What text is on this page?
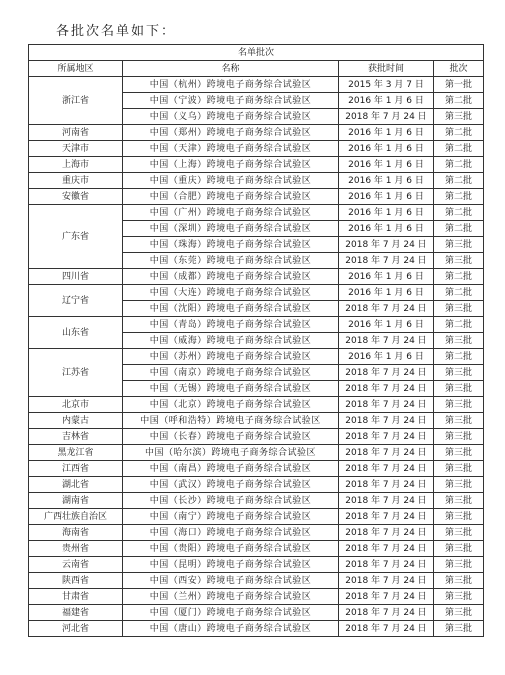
各批次名单如下：
名单批次			
所属地区	名称	获批时间	批次
浙江省	中国（杭州）跨境电子商务综合试验区	2015 年 3 月 7 日	第一批
	中国（宁波）跨境电子商务综合试验区	2016 年 1 月 6 日	第二批
	中国（义乌）跨境电子商务综合试验区	2018 年 7 月 24 日	第三批
河南省	中国（郑州）跨境电子商务综合试验区	2016 年 1 月 6 日	第二批
天津市	中国（天津）跨境电子商务综合试验区	2016 年 1 月 6 日	第二批
上海市	中国（上海）跨境电子商务综合试验区	2016 年 1 月 6 日	第二批
重庆市	中国（重庆）跨境电子商务综合试验区	2016 年 1 月 6 日	第二批
安徽省	中国（合肥）跨境电子商务综合试验区	2016 年 1 月 6 日	第二批
广东省	中国（广州）跨境电子商务综合试验区	2016 年 1 月 6 日	第二批
	中国（深圳）跨境电子商务综合试验区	2016 年 1 月 6 日	第二批
	中国（珠海）跨境电子商务综合试验区	2018 年 7 月 24 日	第三批
	中国（东莞）跨境电子商务综合试验区	2018 年 7 月 24 日	第三批
四川省	中国（成都）跨境电子商务综合试验区	2016 年 1 月 6 日	第二批
辽宁省	中国（大连）跨境电子商务综合试验区	2016 年 1 月 6 日	第二批
	中国（沈阳）跨境电子商务综合试验区	2018 年 7 月 24 日	第三批
山东省	中国（青岛）跨境电子商务综合试验区	2016 年 1 月 6 日	第二批
	中国（威海）跨境电子商务综合试验区	2018 年 7 月 24 日	第三批
江苏省	中国（苏州）跨境电子商务综合试验区	2016 年 1 月 6 日	第二批
	中国（南京）跨境电子商务综合试验区	2018 年 7 月 24 日	第三批
	中国（无锡）跨境电子商务综合试验区	2018 年 7 月 24 日	第三批
北京市	中国（北京）跨境电子商务综合试验区	2018 年 7 月 24 日	第三批
内蒙古	中国（呼和浩特）跨境电子商务综合试验区	2018 年 7 月 24 日	第三批
吉林省	中国（长春）跨境电子商务综合试验区	2018 年 7 月 24 日	第三批
黑龙江省	中国（哈尔滨）跨境电子商务综合试验区	2018 年 7 月 24 日	第三批
江西省	中国（南昌）跨境电子商务综合试验区	2018 年 7 月 24 日	第三批
湖北省	中国（武汉）跨境电子商务综合试验区	2018 年 7 月 24 日	第三批
湖南省	中国（长沙）跨境电子商务综合试验区	2018 年 7 月 24 日	第三批
广西壮族自治区	中国（南宁）跨境电子商务综合试验区	2018 年 7 月 24 日	第三批
海南省	中国（海口）跨境电子商务综合试验区	2018 年 7 月 24 日	第三批
贵州省	中国（贵阳）跨境电子商务综合试验区	2018 年 7 月 24 日	第三批
云南省	中国（昆明）跨境电子商务综合试验区	2018 年 7 月 24 日	第三批
陕西省	中国（西安）跨境电子商务综合试验区	2018 年 7 月 24 日	第三批
甘肃省	中国（兰州）跨境电子商务综合试验区	2018 年 7 月 24 日	第三批
福建省	中国（厦门）跨境电子商务综合试验区	2018 年 7 月 24 日	第三批
河北省	中国（唐山）跨境电子商务综合试验区	2018 年 7 月 24 日	第三批
